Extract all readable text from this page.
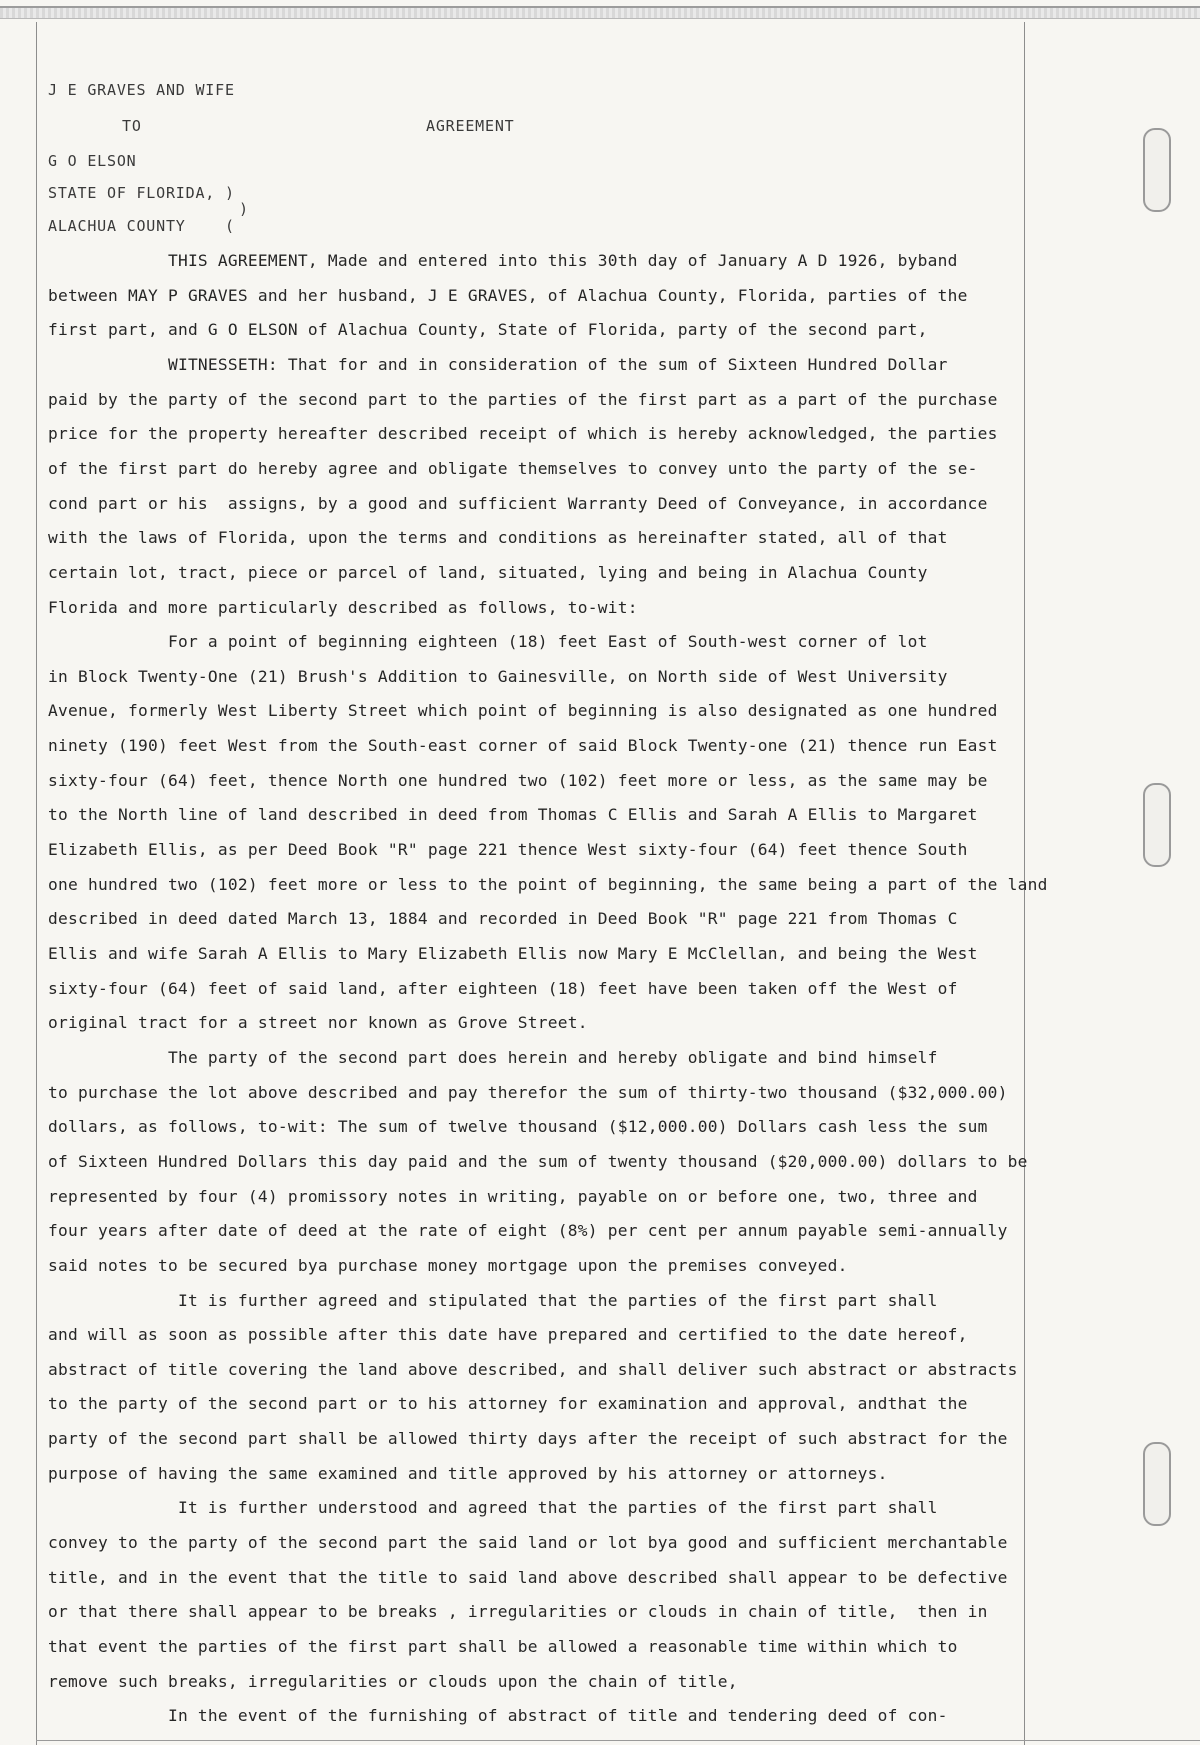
J E GRAVES AND WIFE
TO	AGREEMENT
G O ELSON
STATE OF FLORIDA, )
)
ALACHUA COUNTY    (
THIS AGREEMENT, Made and entered into this 30th day of January A D 1926, byband
between MAY P GRAVES and her husband, J E GRAVES, of Alachua County, Florida, parties of the
first part, and G O ELSON of Alachua County, State of Florida, party of the second part,
WITNESSETH: That for and in consideration of the sum of Sixteen Hundred Dollar
paid by the party of the second part to the parties of the first part as a part of the purchase
price for the property hereafter described receipt of which is hereby acknowledged, the parties
of the first part do hereby agree and obligate themselves to convey unto the party of the se-
cond part or his  assigns, by a good and sufficient Warranty Deed of Conveyance, in accordance
with the laws of Florida, upon the terms and conditions as hereinafter stated, all of that
certain lot, tract, piece or parcel of land, situated, lying and being in Alachua County
Florida and more particularly described as follows, to-wit:
For a point of beginning eighteen (18) feet East of South-west corner of lot
in Block Twenty-One (21) Brush's Addition to Gainesville, on North side of West University
Avenue, formerly West Liberty Street which point of beginning is also designated as one hundred
ninety (190) feet West from the South-east corner of said Block Twenty-one (21) thence run East
sixty-four (64) feet, thence North one hundred two (102) feet more or less, as the same may be
to the North line of land described in deed from Thomas C Ellis and Sarah A Ellis to Margaret
Elizabeth Ellis, as per Deed Book "R" page 221 thence West sixty-four (64) feet thence South
one hundred two (102) feet more or less to the point of beginning, the same being a part of the land
described in deed dated March 13, 1884 and recorded in Deed Book "R" page 221 from Thomas C
Ellis and wife Sarah A Ellis to Mary Elizabeth Ellis now Mary E McClellan, and being the West
sixty-four (64) feet of said land, after eighteen (18) feet have been taken off the West of
original tract for a street nor known as Grove Street.
The party of the second part does herein and hereby obligate and bind himself
to purchase the lot above described and pay therefor the sum of thirty-two thousand ($32,000.00)
dollars, as follows, to-wit: The sum of twelve thousand ($12,000.00) Dollars cash less the sum
of Sixteen Hundred Dollars this day paid and the sum of twenty thousand ($20,000.00) dollars to be
represented by four (4) promissory notes in writing, payable on or before one, two, three and
four years after date of deed at the rate of eight (8%) per cent per annum payable semi-annually
said notes to be secured bya purchase money mortgage upon the premises conveyed.
It is further agreed and stipulated that the parties of the first part shall
and will as soon as possible after this date have prepared and certified to the date hereof,
abstract of title covering the land above described, and shall deliver such abstract or abstracts
to the party of the second part or to his attorney for examination and approval, andthat the
party of the second part shall be allowed thirty days after the receipt of such abstract for the
purpose of having the same examined and title approved by his attorney or attorneys.
It is further understood and agreed that the parties of the first part shall
convey to the party of the second part the said land or lot bya good and sufficient merchantable
title, and in the event that the title to said land above described shall appear to be defective
or that there shall appear to be breaks , irregularities or clouds in chain of title,  then in
that event the parties of the first part shall be allowed a reasonable time within which to
remove such breaks, irregularities or clouds upon the chain of title,
In the event of the furnishing of abstract of title and tendering deed of con-
